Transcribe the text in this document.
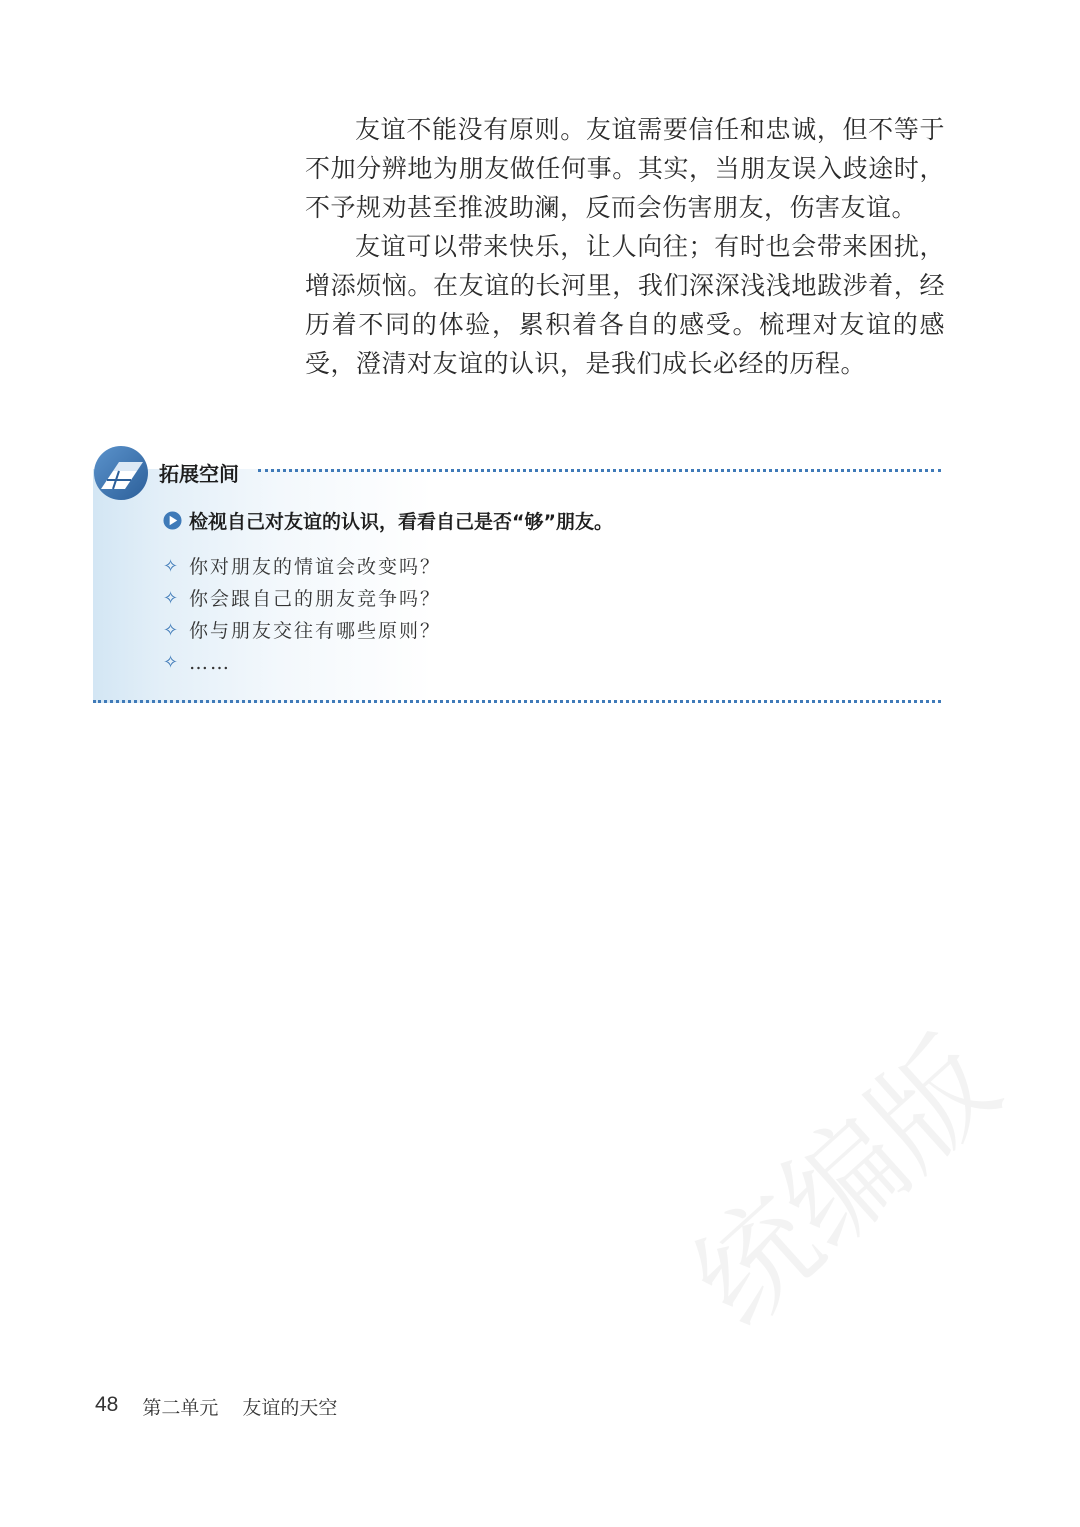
友谊不能没有原则。友谊需要信任和忠诚，但不等于不加分辨地为朋友做任何事。其实，当朋友误入歧途时，不予规劝甚至推波助澜，反而会伤害朋友，伤害友谊。

友谊可以带来快乐，让人向往；有时也会带来困扰，增添烦恼。在友谊的长河里，我们深深浅浅地跋涉着，经历着不同的体验，累积着各自的感受。梳理对友谊的感受，澄清对友谊的认识，是我们成长必经的历程。

拓展空间
检视自己对友谊的认识，看看自己是否“够”朋友。
✧ 你对朋友的情谊会改变吗？
✧ 你会跟自己的朋友竞争吗？
✧ 你与朋友交往有哪些原则？
✧ ……
48 第二单元 友谊的天空
统编版
